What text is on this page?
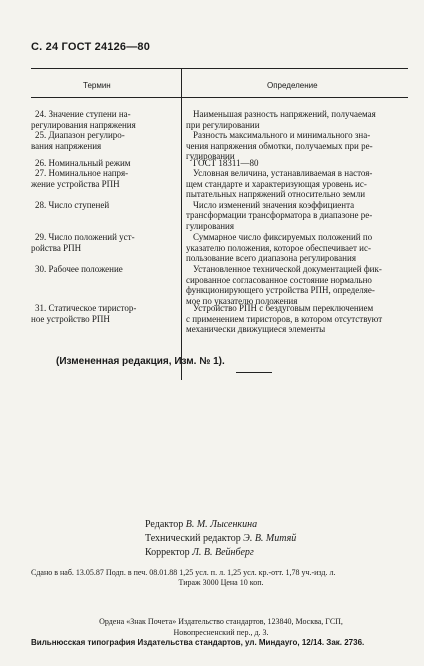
С. 24 ГОСТ 24126—80
Термин	Определение
24. Значение ступени на-
регулирования напряжения
25. Диапазон регулиро-
вания напряжения
26. Номинальный режим
27. Номинальное напря-
жение устройства РПН
28. Число ступеней
29. Число положений уст-
ройства РПН
30. Рабочее положение
31. Статическое тиристор-
ное устройство РПН
Наименьшая разность напряжений, получаемая
при регулировании
Разность максимального и минимального зна-
чения напряжения обмотки, получаемых при ре-
гулировании
ГОСТ 18311—80
Условная величина, устанавливаемая в настоя-
щем стандарте и характеризующая уровень ис-
пытательных напряжений относительно земли
Число изменений значения коэффициента
трансформации трансформатора в диапазоне ре-
гулирования
Суммарное число фиксируемых положений по
указателю положения, которое обеспечивает ис-
пользование всего диапазона регулирования
Установленное технической документацией фик-
сированное согласованное состояние нормально
функционирующего устройства РПН, определяе-
мое по указателю положения
Устройство РПН с бездуговым переключением
с применением тиристоров, в котором отсутствуют
механически движущиеся элементы
(Измененная редакция, Изм. № 1).
Редактор В. М. Лысенкина
Технический редактор Э. В. Митяй
Корректор Л. В. Вейнберг
Сдано в наб. 13.05.87 Подп. в печ. 08.01.88 1,25 усл. п. л. 1,25 усл. кр.-отт. 1,78 уч.-изд. л.
Тираж 3000 Цена 10 коп.
Ордена «Знак Почета» Издательство стандартов, 123840, Москва, ГСП,
Новопресненский пер., д. 3.
Вильнюсская типография Издательства стандартов, ул. Миндауго, 12/14. Зак. 2736.
